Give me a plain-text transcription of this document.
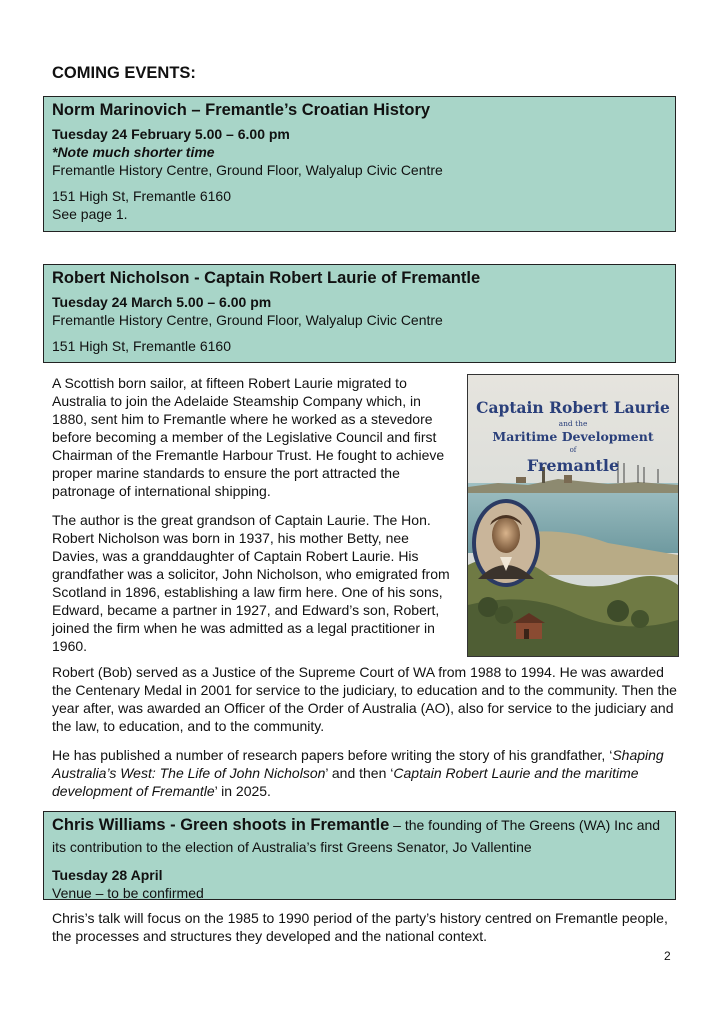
COMING EVENTS:
Norm Marinovich – Fremantle’s Croatian History
Tuesday 24 February 5.00 – 6.00 pm
*Note much shorter time
Fremantle History Centre, Ground Floor, Walyalup Civic Centre
151 High St, Fremantle 6160
See page 1.
Robert Nicholson - Captain Robert Laurie of Fremantle
Tuesday 24 March 5.00 – 6.00 pm
Fremantle History Centre, Ground Floor, Walyalup Civic Centre
151 High St, Fremantle 6160
Captain Robert Laurie
and the
Maritime Development
of
Fremantle

A Scottish born sailor, at fifteen Robert Laurie migrated to Australia to join the Adelaide Steamship Company which, in 1880, sent him to Fremantle where he worked as a stevedore before becoming a member of the Legislative Council and first Chairman of the Fremantle Harbour Trust. He fought to achieve proper marine standards to ensure the port attracted the patronage of international shipping.

The author is the great grandson of Captain Laurie. The Hon. Robert Nicholson was born in 1937, his mother Betty, nee Davies, was a granddaughter of Captain Robert Laurie. His grandfather was a solicitor, John Nicholson, who emigrated from Scotland in 1896, establishing a law firm here. One of his sons, Edward, became a partner in 1927, and Edward’s son, Robert, joined the firm when he was admitted as a legal practitioner in 1960.

Robert (Bob) served as a Justice of the Supreme Court of WA from 1988 to 1994. He was awarded the Centenary Medal in 2001 for service to the judiciary, to education and to the community. Then the year after, was awarded an Officer of the Order of Australia (AO), also for service to the judiciary and the law, to education, and to the community.

He has published a number of research papers before writing the story of his grandfather, ‘Shaping Australia’s West: The Life of John Nicholson’ and then ‘Captain Robert Laurie and the maritime development of Fremantle’ in 2025.

Chris Williams - Green shoots in Fremantle – the founding of The Greens (WA) Inc and its contribution to the election of Australia’s first Greens Senator, Jo Vallentine
Tuesday 28 April
Venue – to be confirmed

Chris’s talk will focus on the 1985 to 1990 period of the party’s history centred on Fremantle people, the processes and structures they developed and the national context.

2
